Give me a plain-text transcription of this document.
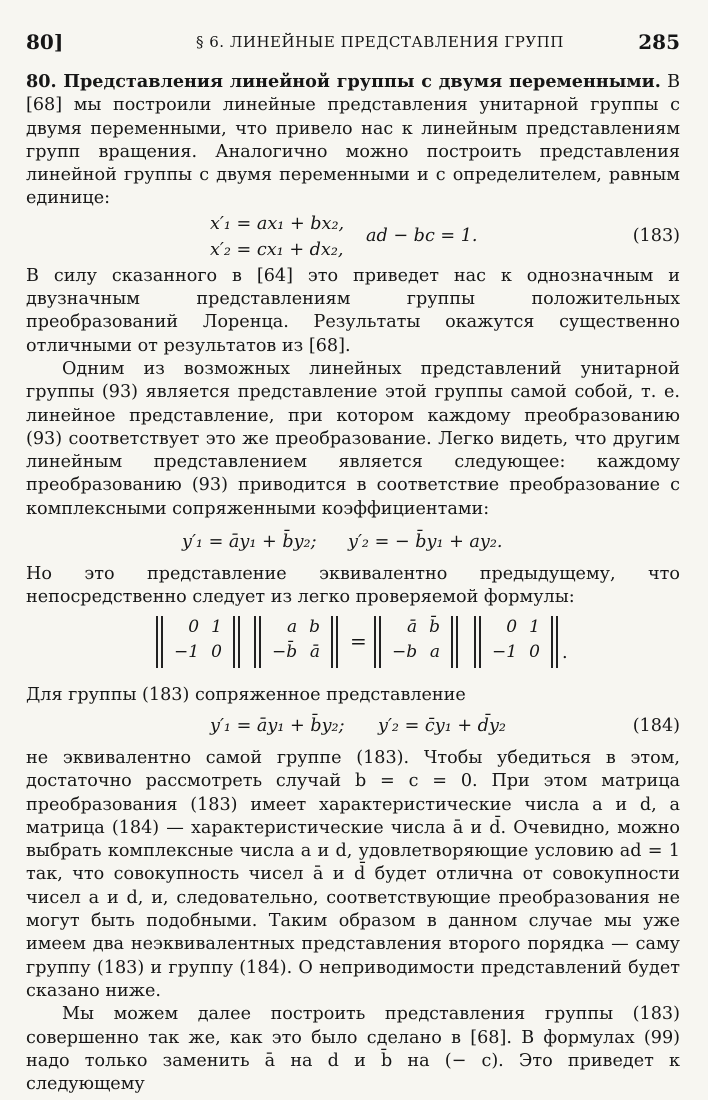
80]	§ 6. ЛИНЕЙНЫЕ ПРЕДСТАВЛЕНИЯ ГРУПП	285

80. Представления линейной группы с двумя переменными. В [68] мы построили линейные представления унитарной группы с двумя переменными, что привело нас к линейным представлениям групп вращения. Аналогично можно построить представления линейной группы с двумя переменными и с определителем, равным единице:

x′₁ = ax₁ + bx₂,
x′₂ = cx₁ + dx₂,
ad − bc = 1.	(183)

В силу сказанного в [64] это приведет нас к однозначным и двузначным представлениям группы положительных преобразований Лоренца. Результаты окажутся существенно отличными от результатов из [68].

Одним из возможных линейных представлений унитарной группы (93) является представление этой группы самой собой, т. е. линейное представление, при котором каждому преобразованию (93) соответствует это же преобразование. Легко видеть, что другим линейным представлением является следующее: каждому преобразованию (93) приводится в соответствие преобразование с комплексными сопряженными коэффициентами:

y′₁ = āy₁ + b̄y₂; y′₂ = − b̄y₁ + ay₂.

Но это представление эквивалентно предыдущему, что непосредственно следует из легко проверяемой формулы:

0	1
−1	0
a	b
−b̄	ā =
ā	b̄
−b	a
0	1
−1	0 .

Для группы (183) сопряженное представление

y′₁ = āy₁ + b̄y₂; y′₂ = c̄y₁ + d̄y₂	(184)

не эквивалентно самой группе (183). Чтобы убедиться в этом, достаточно рассмотреть случай b = c = 0. При этом матрица преобразования (183) имеет характеристические числа a и d, а матрица (184) — характеристические числа ā и d̄. Очевидно, можно выбрать комплексные числа a и d, удовлетворяющие условию ad = 1 так, что совокупность чисел ā и d̄ будет отлична от совокупности чисел a и d, и, следовательно, соответствующие преобразования не могут быть подобными. Таким образом в данном случае мы уже имеем два неэквивалентных представления второго порядка — саму группу (183) и группу (184). О неприводимости представлений будет сказано ниже.

Мы можем далее построить представления группы (183) совершенно так же, как это было сделано в [68]. В формулах (99) надо только заменить ā на d и b̄ на (− c). Это приведет к следующему
